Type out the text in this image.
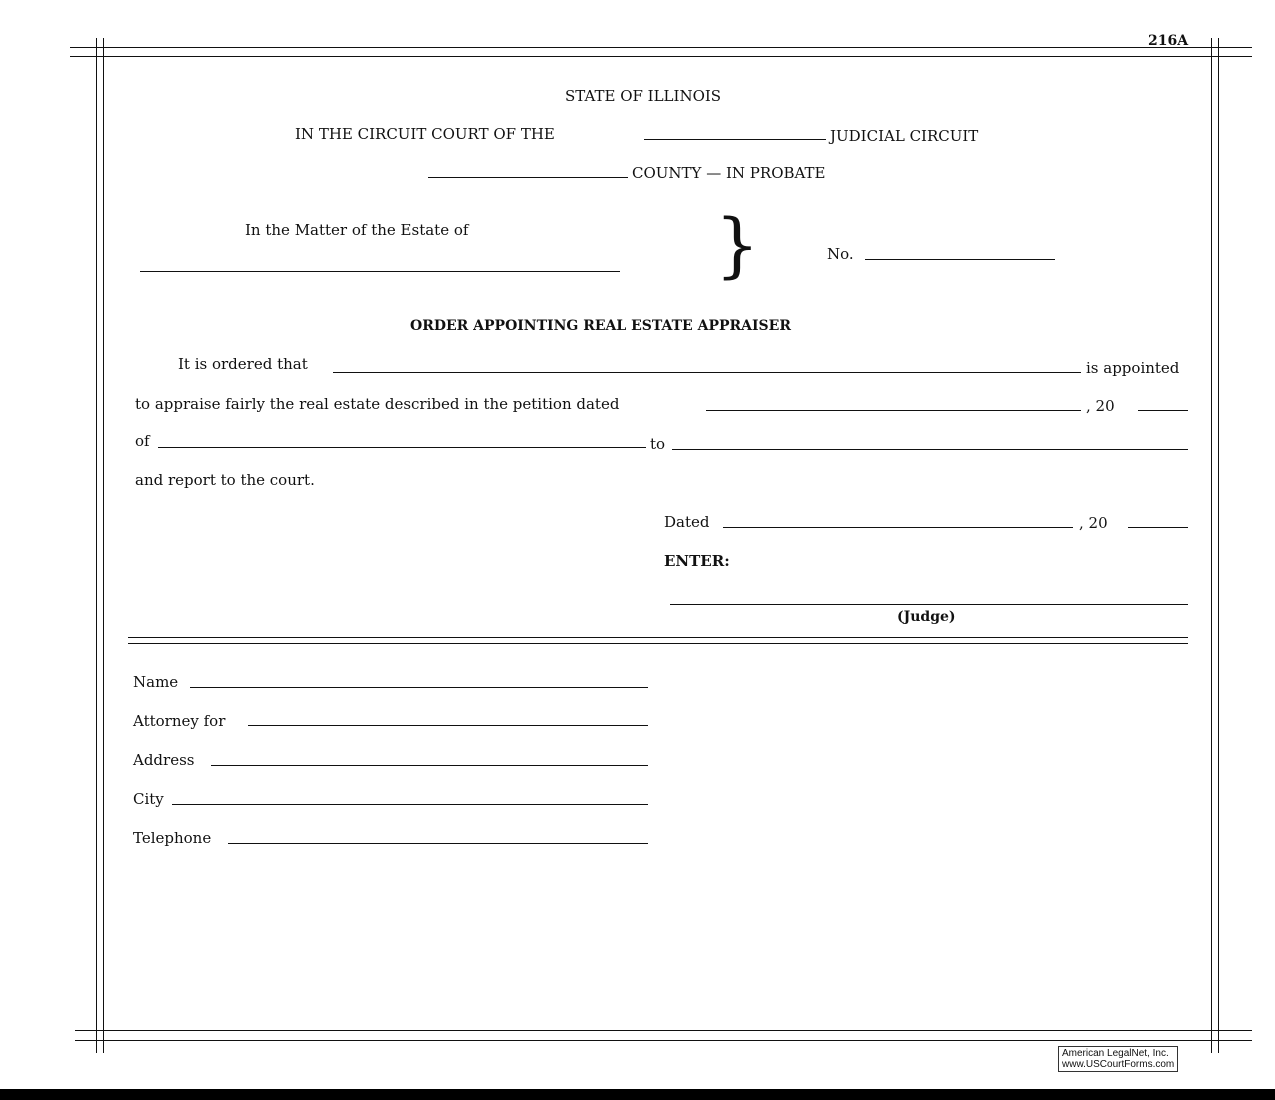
216A
STATE OF ILLINOIS
IN THE CIRCUIT COURT OF THE	JUDICIAL CIRCUIT
COUNTY — IN PROBATE
In the Matter of the Estate of	}	No.
ORDER APPOINTING REAL ESTATE APPRAISER
It is ordered that	is appointed
to appraise fairly the real estate described in the petition dated	, 20
of	to
and report to the court.
Dated	, 20
ENTER:
(Judge)
Name
Attorney for
Address
City
Telephone
American LegalNet, Inc.
www.USCourtForms.com
